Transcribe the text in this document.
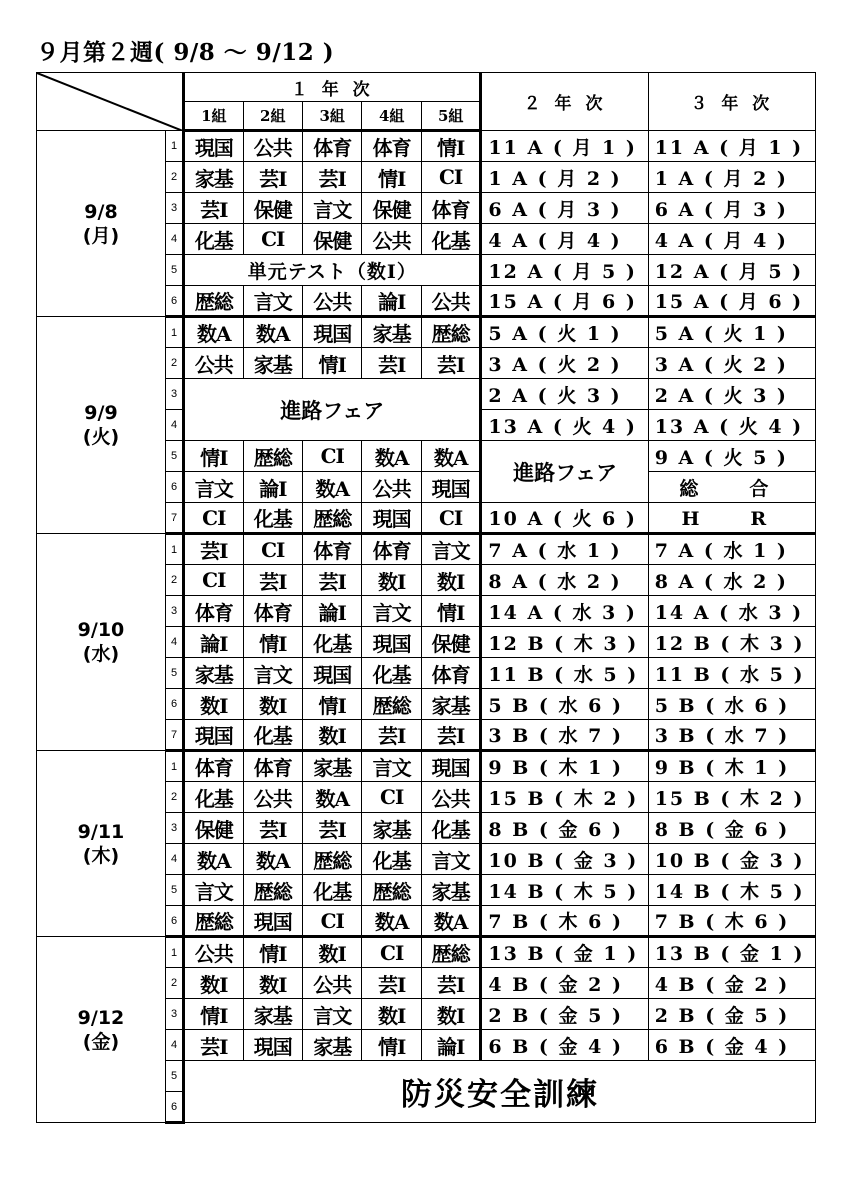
９月第２週( 9/8 ～ 9/12 )
	１ 年 次					２ 年 次	３ 年 次
		1組	2組	3組	4組	5組		
9/8
(月)	1	現国	公共	体育	体育	情Ⅰ	11 A ( 月 1 )	11 A ( 月 1 )
	2	家基	芸Ⅰ	芸Ⅰ	情Ⅰ	CⅠ	1 A ( 月 2 )	1 A ( 月 2 )
	3	芸Ⅰ	保健	言文	保健	体育	6 A ( 月 3 )	6 A ( 月 3 )
	4	化基	CⅠ	保健	公共	化基	4 A ( 月 4 )	4 A ( 月 4 )
	5	単元テスト（数Ⅰ）					12 A ( 月 5 )	12 A ( 月 5 )
	6	歴総	言文	公共	論Ⅰ	公共	15 A ( 月 6 )	15 A ( 月 6 )
9/9
(火)	1	数A	数A	現国	家基	歴総	5 A ( 火 1 )	5 A ( 火 1 )
	2	公共	家基	情Ⅰ	芸Ⅰ	芸Ⅰ	3 A ( 火 2 )	3 A ( 火 2 )
	3	進路フェア					2 A ( 火 3 )	2 A ( 火 3 )
	4						13 A ( 火 4 )	13 A ( 火 4 )
	5	情Ⅰ	歴総	CⅠ	数A	数A	進路フェア	9 A ( 火 5 )
	6	言文	論Ⅰ	数A	公共	現国		総　合
	7	CⅠ	化基	歴総	現国	CⅠ	10 A ( 火 6 )	H　R
9/10
(水)	1	芸Ⅰ	CⅠ	体育	体育	言文	7 A ( 水 1 )	7 A ( 水 1 )
	2	CⅠ	芸Ⅰ	芸Ⅰ	数Ⅰ	数Ⅰ	8 A ( 水 2 )	8 A ( 水 2 )
	3	体育	体育	論Ⅰ	言文	情Ⅰ	14 A ( 水 3 )	14 A ( 水 3 )
	4	論Ⅰ	情Ⅰ	化基	現国	保健	12 B ( 木 3 )	12 B ( 木 3 )
	5	家基	言文	現国	化基	体育	11 B ( 水 5 )	11 B ( 水 5 )
	6	数Ⅰ	数Ⅰ	情Ⅰ	歴総	家基	5 B ( 水 6 )	5 B ( 水 6 )
	7	現国	化基	数Ⅰ	芸Ⅰ	芸Ⅰ	3 B ( 水 7 )	3 B ( 水 7 )
9/11
(木)	1	体育	体育	家基	言文	現国	9 B ( 木 1 )	9 B ( 木 1 )
	2	化基	公共	数A	CⅠ	公共	15 B ( 木 2 )	15 B ( 木 2 )
	3	保健	芸Ⅰ	芸Ⅰ	家基	化基	8 B ( 金 6 )	8 B ( 金 6 )
	4	数A	数A	歴総	化基	言文	10 B ( 金 3 )	10 B ( 金 3 )
	5	言文	歴総	化基	歴総	家基	14 B ( 木 5 )	14 B ( 木 5 )
	6	歴総	現国	CⅠ	数A	数A	7 B ( 木 6 )	7 B ( 木 6 )
9/12
(金)	1	公共	情Ⅰ	数Ⅰ	CⅠ	歴総	13 B ( 金 1 )	13 B ( 金 1 )
	2	数Ⅰ	数Ⅰ	公共	芸Ⅰ	芸Ⅰ	4 B ( 金 2 )	4 B ( 金 2 )
	3	情Ⅰ	家基	言文	数Ⅰ	数Ⅰ	2 B ( 金 5 )	2 B ( 金 5 )
	4	芸Ⅰ	現国	家基	情Ⅰ	論Ⅰ	6 B ( 金 4 )	6 B ( 金 4 )
	5	防災安全訓練						
	6							
